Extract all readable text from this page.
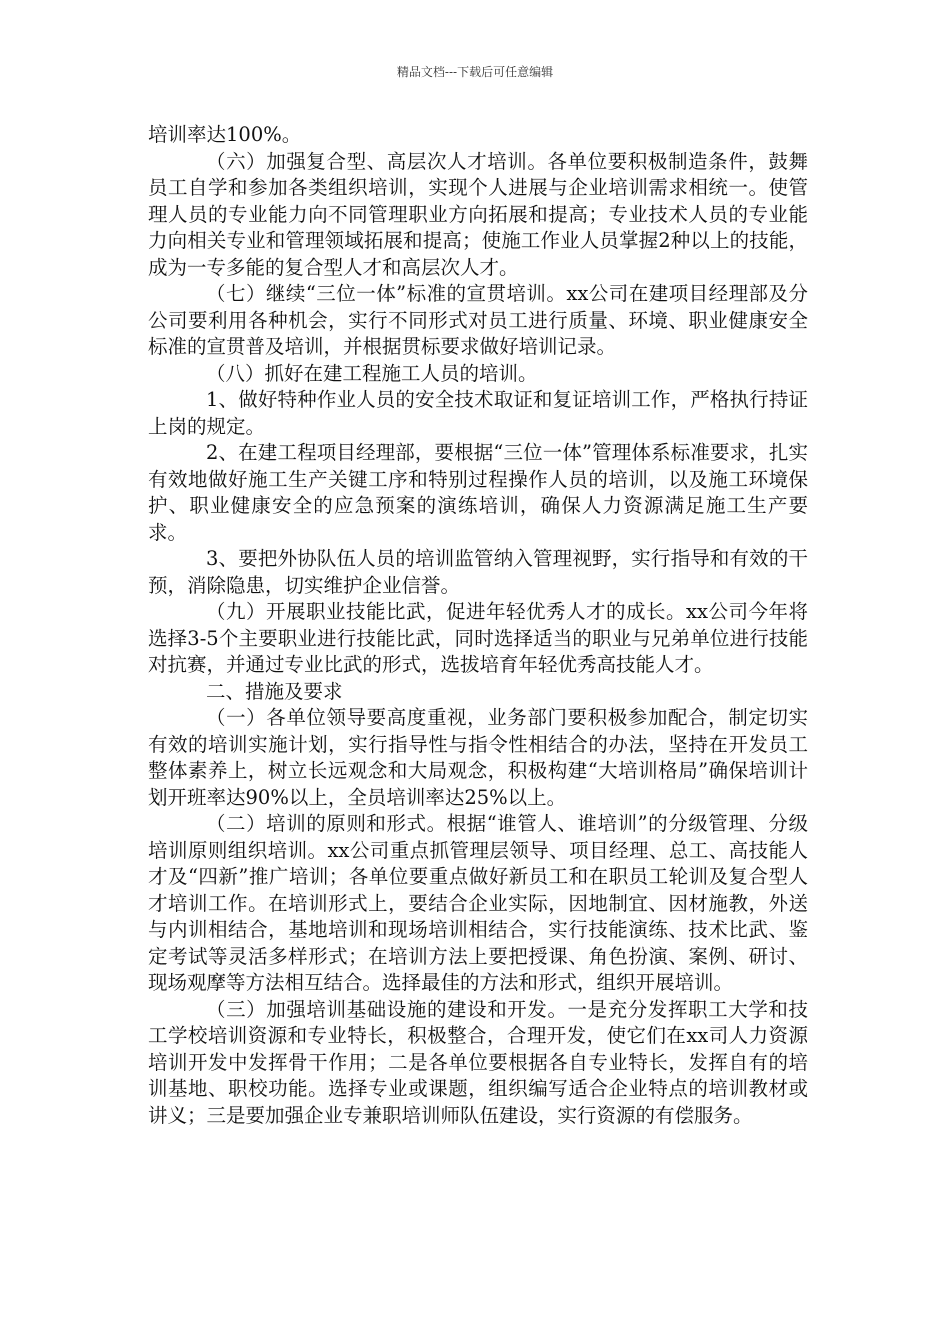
精品文档---下载后可任意编辑

培训率达100%。

（六）加强复合型、高层次人才培训。各单位要积极制造条件，鼓舞员工自学和参加各类组织培训，实现个人进展与企业培训需求相统一。使管理人员的专业能力向不同管理职业方向拓展和提高；专业技术人员的专业能力向相关专业和管理领域拓展和提高；使施工作业人员掌握2种以上的技能，成为一专多能的复合型人才和高层次人才。

（七）继续“三位一体”标准的宣贯培训。xx公司在建项目经理部及分公司要利用各种机会，实行不同形式对员工进行质量、环境、职业健康安全标准的宣贯普及培训，并根据贯标要求做好培训记录。

（八）抓好在建工程施工人员的培训。

1、做好特种作业人员的安全技术取证和复证培训工作，严格执行持证上岗的规定。

2、在建工程项目经理部，要根据“三位一体”管理体系标准要求，扎实有效地做好施工生产关键工序和特别过程操作人员的培训，以及施工环境保护、职业健康安全的应急预案的演练培训，确保人力资源满足施工生产要求。

3、要把外协队伍人员的培训监管纳入管理视野，实行指导和有效的干预，消除隐患，切实维护企业信誉。

（九）开展职业技能比武，促进年轻优秀人才的成长。xx公司今年将选择3-5个主要职业进行技能比武，同时选择适当的职业与兄弟单位进行技能对抗赛，并通过专业比武的形式，选拔培育年轻优秀高技能人才。

二、措施及要求

（一）各单位领导要高度重视，业务部门要积极参加配合，制定切实有效的培训实施计划，实行指导性与指令性相结合的办法，坚持在开发员工整体素养上，树立长远观念和大局观念，积极构建“大培训格局”确保培训计划开班率达90%以上，全员培训率达25%以上。

（二）培训的原则和形式。根据“谁管人、谁培训”的分级管理、分级培训原则组织培训。xx公司重点抓管理层领导、项目经理、总工、高技能人才及“四新”推广培训；各单位要重点做好新员工和在职员工轮训及复合型人才培训工作。在培训形式上，要结合企业实际，因地制宜、因材施教，外送与内训相结合，基地培训和现场培训相结合，实行技能演练、技术比武、鉴定考试等灵活多样形式；在培训方法上要把授课、角色扮演、案例、研讨、现场观摩等方法相互结合。选择最佳的方法和形式，组织开展培训。

（三）加强培训基础设施的建设和开发。一是充分发挥职工大学和技工学校培训资源和专业特长，积极整合，合理开发，使它们在xx司人力资源培训开发中发挥骨干作用；二是各单位要根据各自专业特长，发挥自有的培训基地、职校功能。选择专业或课题，组织编写适合企业特点的培训教材或讲义；三是要加强企业专兼职培训师队伍建设，实行资源的有偿服务。
